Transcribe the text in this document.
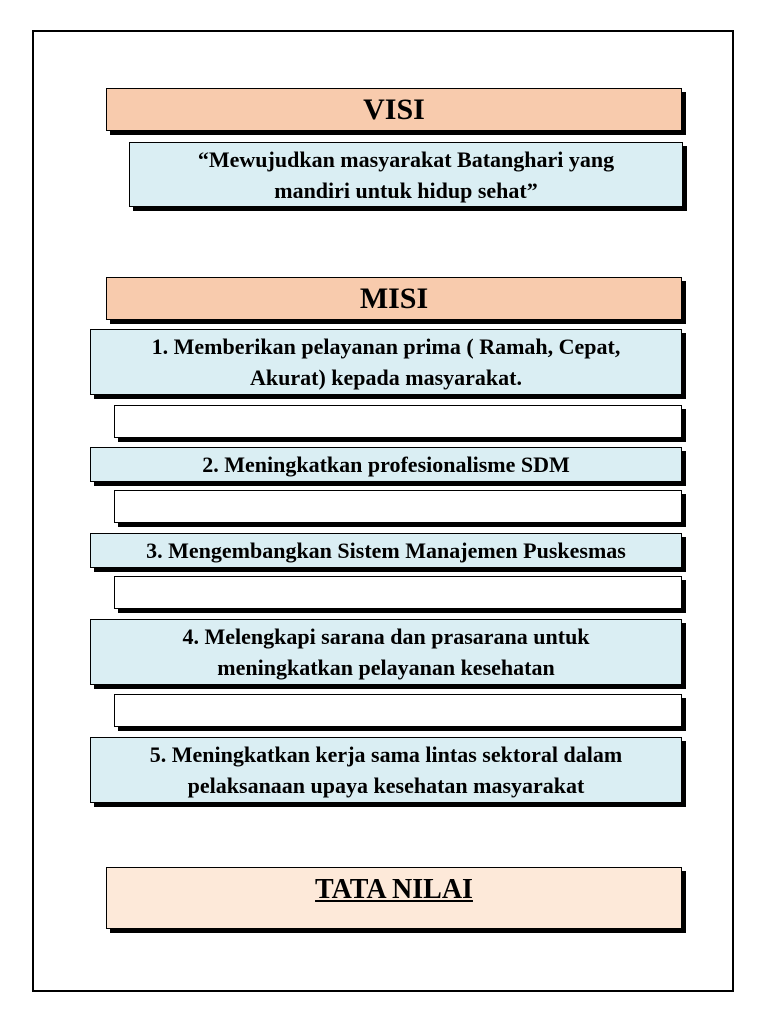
VISI
“Mewujudkan masyarakat Batanghari yang
mandiri untuk hidup sehat”
MISI
1. Memberikan pelayanan prima ( Ramah, Cepat,
Akurat) kepada masyarakat.
2. Meningkatkan profesionalisme SDM
3. Mengembangkan Sistem Manajemen Puskesmas
4. Melengkapi sarana dan prasarana untuk
meningkatkan pelayanan kesehatan
5. Meningkatkan kerja sama lintas sektoral dalam
pelaksanaan upaya kesehatan masyarakat
TATA NILAI
